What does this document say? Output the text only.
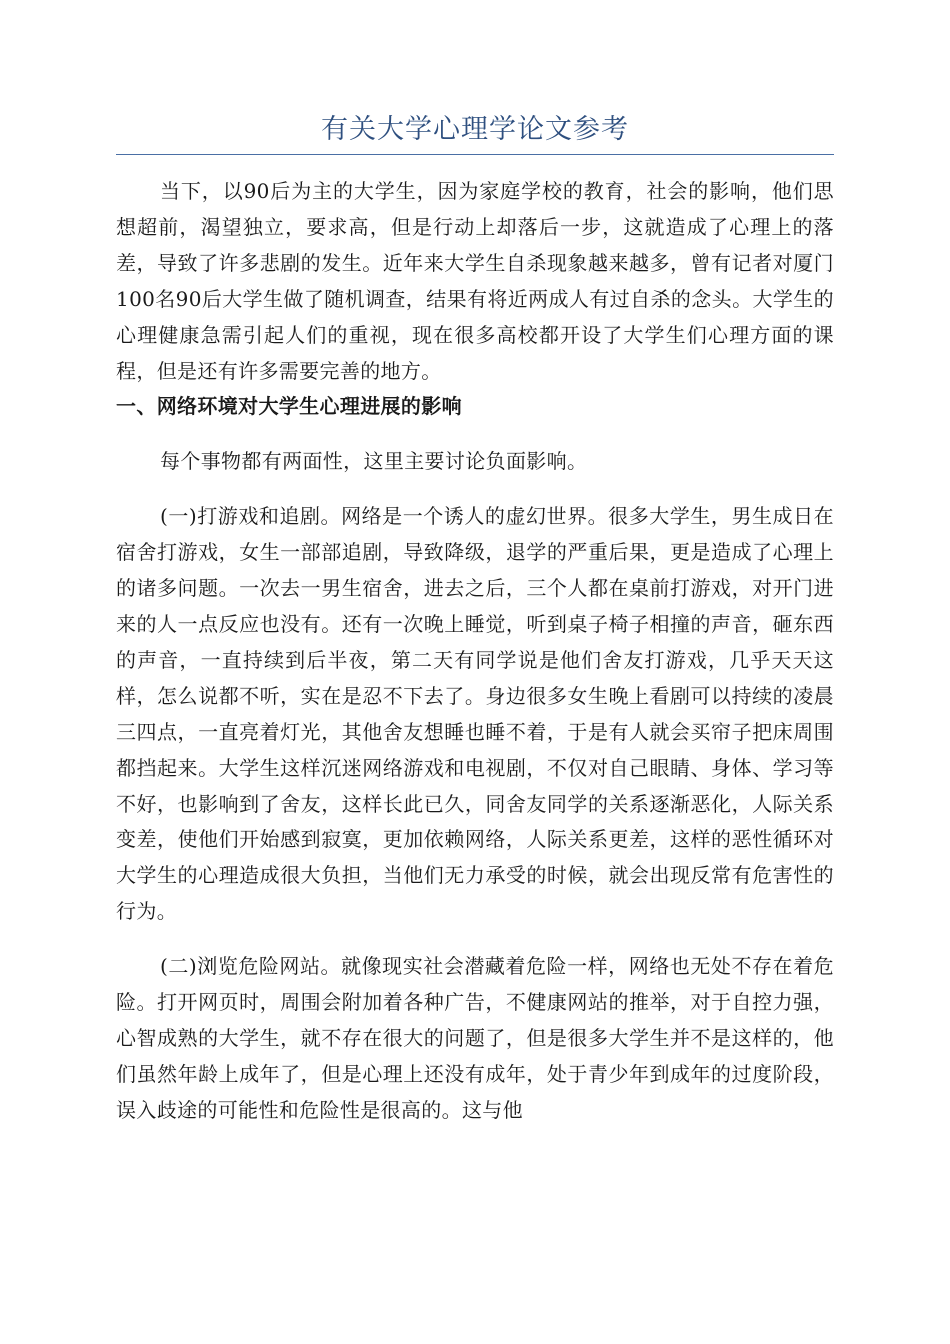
有关大学心理学论文参考

当下，以90后为主的大学生，因为家庭学校的教育，社会的影响，他们思想超前，渴望独立，要求高，但是行动上却落后一步，这就造成了心理上的落差，导致了许多悲剧的发生。近年来大学生自杀现象越来越多，曾有记者对厦门100名90后大学生做了随机调查，结果有将近两成人有过自杀的念头。大学生的心理健康急需引起人们的重视，现在很多高校都开设了大学生们心理方面的课程，但是还有许多需要完善的地方。

一、网络环境对大学生心理进展的影响

每个事物都有两面性，这里主要讨论负面影响。

(一)打游戏和追剧。网络是一个诱人的虚幻世界。很多大学生，男生成日在宿舍打游戏，女生一部部追剧，导致降级，退学的严重后果，更是造成了心理上的诸多问题。一次去一男生宿舍，进去之后，三个人都在桌前打游戏，对开门进来的人一点反应也没有。还有一次晚上睡觉，听到桌子椅子相撞的声音，砸东西的声音，一直持续到后半夜，第二天有同学说是他们舍友打游戏，几乎天天这样，怎么说都不听，实在是忍不下去了。身边很多女生晚上看剧可以持续的凌晨三四点，一直亮着灯光，其他舍友想睡也睡不着，于是有人就会买帘子把床周围都挡起来。大学生这样沉迷网络游戏和电视剧，不仅对自己眼睛、身体、学习等不好，也影响到了舍友，这样长此已久，同舍友同学的关系逐渐恶化，人际关系变差，使他们开始感到寂寞，更加依赖网络，人际关系更差，这样的恶性循环对大学生的心理造成很大负担，当他们无力承受的时候，就会出现反常有危害性的行为。

(二)浏览危险网站。就像现实社会潜藏着危险一样，网络也无处不存在着危险。打开网页时，周围会附加着各种广告，不健康网站的推举，对于自控力强，心智成熟的大学生，就不存在很大的问题了，但是很多大学生并不是这样的，他们虽然年龄上成年了，但是心理上还没有成年，处于青少年到成年的过度阶段，误入歧途的可能性和危险性是很高的。这与他
